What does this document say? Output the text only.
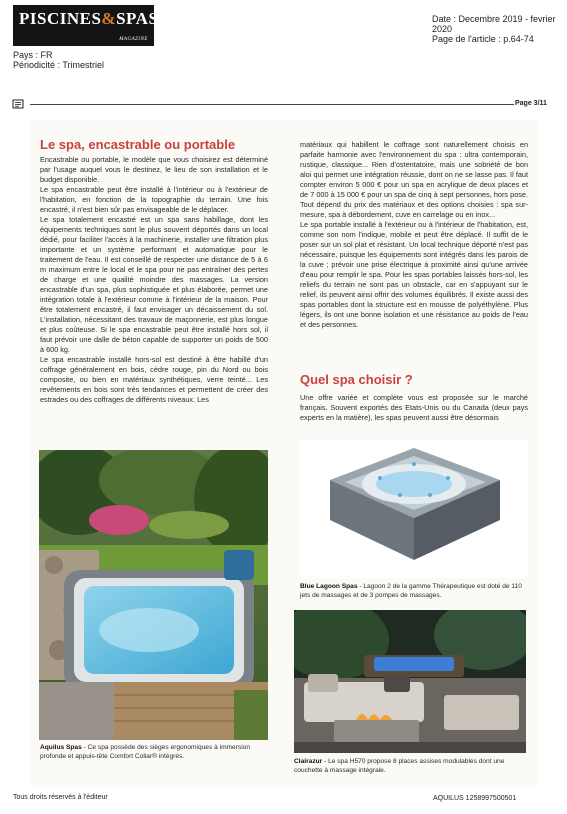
PISCINES&SPAS
MAGAZINE
Date : Decembre 2019 - fevrier 2020
Page de l'article : p.64-74
Pays : FR
Périodicité : Trimestriel
Page 3/11
Le spa, encastrable ou portable

Encastrable ou portable, le modèle que vous choisirez est déterminé par l'usage auquel vous le destinez, le lieu de son installation et le budget disponible.

Le spa encastrable peut être installé à l'intérieur ou à l'extérieur de l'habitation, en fonction de la topographie du terrain. Une fois encastré, il n'est bien sûr pas envisageable de le déplacer.

Le spa totalement encastré est un spa sans habillage, dont les équipements techniques sont le plus souvent déportés dans un local dédié, pour faciliter l'accès à la machinerie, installer une filtration plus importante et un système performant et automatique pour le traitement de l'eau. Il est conseillé de respecter une distance de 5 à 6 m maximum entre le local et le spa pour ne pas entraîner des pertes de charge et une qualité moindre des massages. La version encastrable d'un spa, plus sophistiquée et plus élaborée, permet une intégration totale à l'extérieur comme à l'intérieur de la maison. Pour être totalement encastré, il faut envisager un décaissement du sol. L'installation, nécessitant des travaux de maçonnerie, est plus longue et plus coûteuse. Si le spa encastrable peut être installé hors sol, il faut prévoir une dalle de béton capable de supporter un poids de 500 à 600 kg.

Le spa encastrable installé hors-sol est destiné à être habillé d'un coffrage généralement en bois, cèdre rouge, pin du Nord ou bois composite, ou bien en matériaux synthétiques, verre teinté... Les revêtements en bois sont très tendances et permettent de créer des estrades ou des coffrages de différents niveaux. Les

matériaux qui habillent le coffrage sont naturellement choisis en parfaite harmonie avec l'environnement du spa : ultra contemporain, rustique, classique... Rien d'ostentatoire, mais une sobriété de bon aloi qui permet une intégration réussie, dont on ne se lasse pas. Il faut compter environ 5 000 € pour un spa en acrylique de deux places et de 7 000 à 15 000 € pour un spa de cinq à sept personnes, hors pose. Tout dépend du prix des matériaux et des options choisies : spa sur-mesure, spa à débordement, cuve en carrelage ou en inox...

Le spa portable installé à l'extérieur ou à l'intérieur de l'habitation, est, comme son nom l'indique, mobile et peut être déplacé. Il suffit de le poser sur un sol plat et résistant. Un local technique déporté n'est pas nécessaire, puisque les équipements sont intégrés dans les parois de la cuve ; prévoir une prise électrique à proximité ainsi qu'une arrivée d'eau pour remplir le spa. Pour les spas portables laissés hors-sol, les reliefs du terrain ne sont pas un obstacle, car en s'appuyant sur le relief, ils peuvent ainsi offrir des volumes équilibrés. Il existe aussi des spas portables dont la structure est en mousse de polyéthylène. Plus légers, ils ont une bonne isolation et une résistance au poids de l'eau et des personnes.

Quel spa choisir ?

Une offre variée et complète vous est proposée sur le marché français. Souvent exportés des Etats-Unis ou du Canada (deux pays experts en la matière), les spas peuvent aussi être désormais

Aquilus Spas - Ce spa possède des sièges ergonomiques à immersion profonde et appuis-tête Comfort Collar® intégrés.
Blue Lagoon Spas - Lagoon 2 de la gamme Thérapeutique est doté de 110 jets de massages et de 3 pompes de massages.
Clairazur - Le spa H570 propose 8 places assises modulables dont une couchette à massage intégrale.
Tous droits réservés à l'éditeur	AQUILUS 1258997500501
